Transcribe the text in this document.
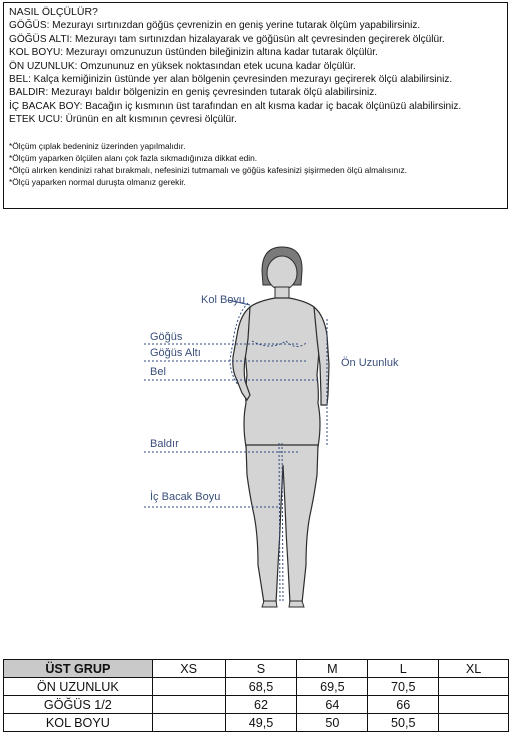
NASIL ÖLÇÜLÜR?

GÖĞÜS: Mezurayı sırtınızdan göğüs çevrenizin en geniş yerine tutarak ölçüm yapabilirsiniz.

GÖĞÜS ALTI: Mezurayı tam sırtınızdan hizalayarak ve göğüsün alt çevresinden geçirerek ölçülür.

KOL BOYU: Mezurayı omzunuzun üstünden bileğinizin altına kadar tutarak ölçülür.

ÖN UZUNLUK: Omzununuz en yüksek noktasından etek ucuna kadar ölçülür.

BEL: Kalça kemiğinizin üstünde yer alan bölgenin çevresinden mezurayı geçirerek ölçü alabilirsiniz.

BALDIR: Mezurayı baldır bölgenizin en geniş çevresinden tutarak ölçü alabilirsiniz.

İÇ BACAK BOY: Bacağın iç kısmının üst tarafından en alt kısma kadar iç bacak ölçünüzü alabilirsiniz.

ETEK UCU: Ürünün en alt kısmının çevresi ölçülür.

*Ölçüm çıplak bedeniniz üzerinden yapılmalıdır.

*Ölçüm yaparken ölçülen alanı çok fazla sıkmadığınıza dikkat edin.

*Ölçü alırken kendinizi rahat bırakmalı, nefesinizi tutmamalı ve göğüs kafesinizi şişirmeden ölçü almalısınız.

*Ölçü yaparken normal duruşta olmanız gerekir.

Kol Boyu
Göğüs
Göğüs Altı
Bel
Ön Uzunluk
Baldır
İç Bacak Boyu
ÜST GRUP	XS	S	M	L	XL
ÖN UZUNLUK		68,5	69,5	70,5	
GÖĞÜS 1/2		62	64	66	
KOL BOYU		49,5	50	50,5	
